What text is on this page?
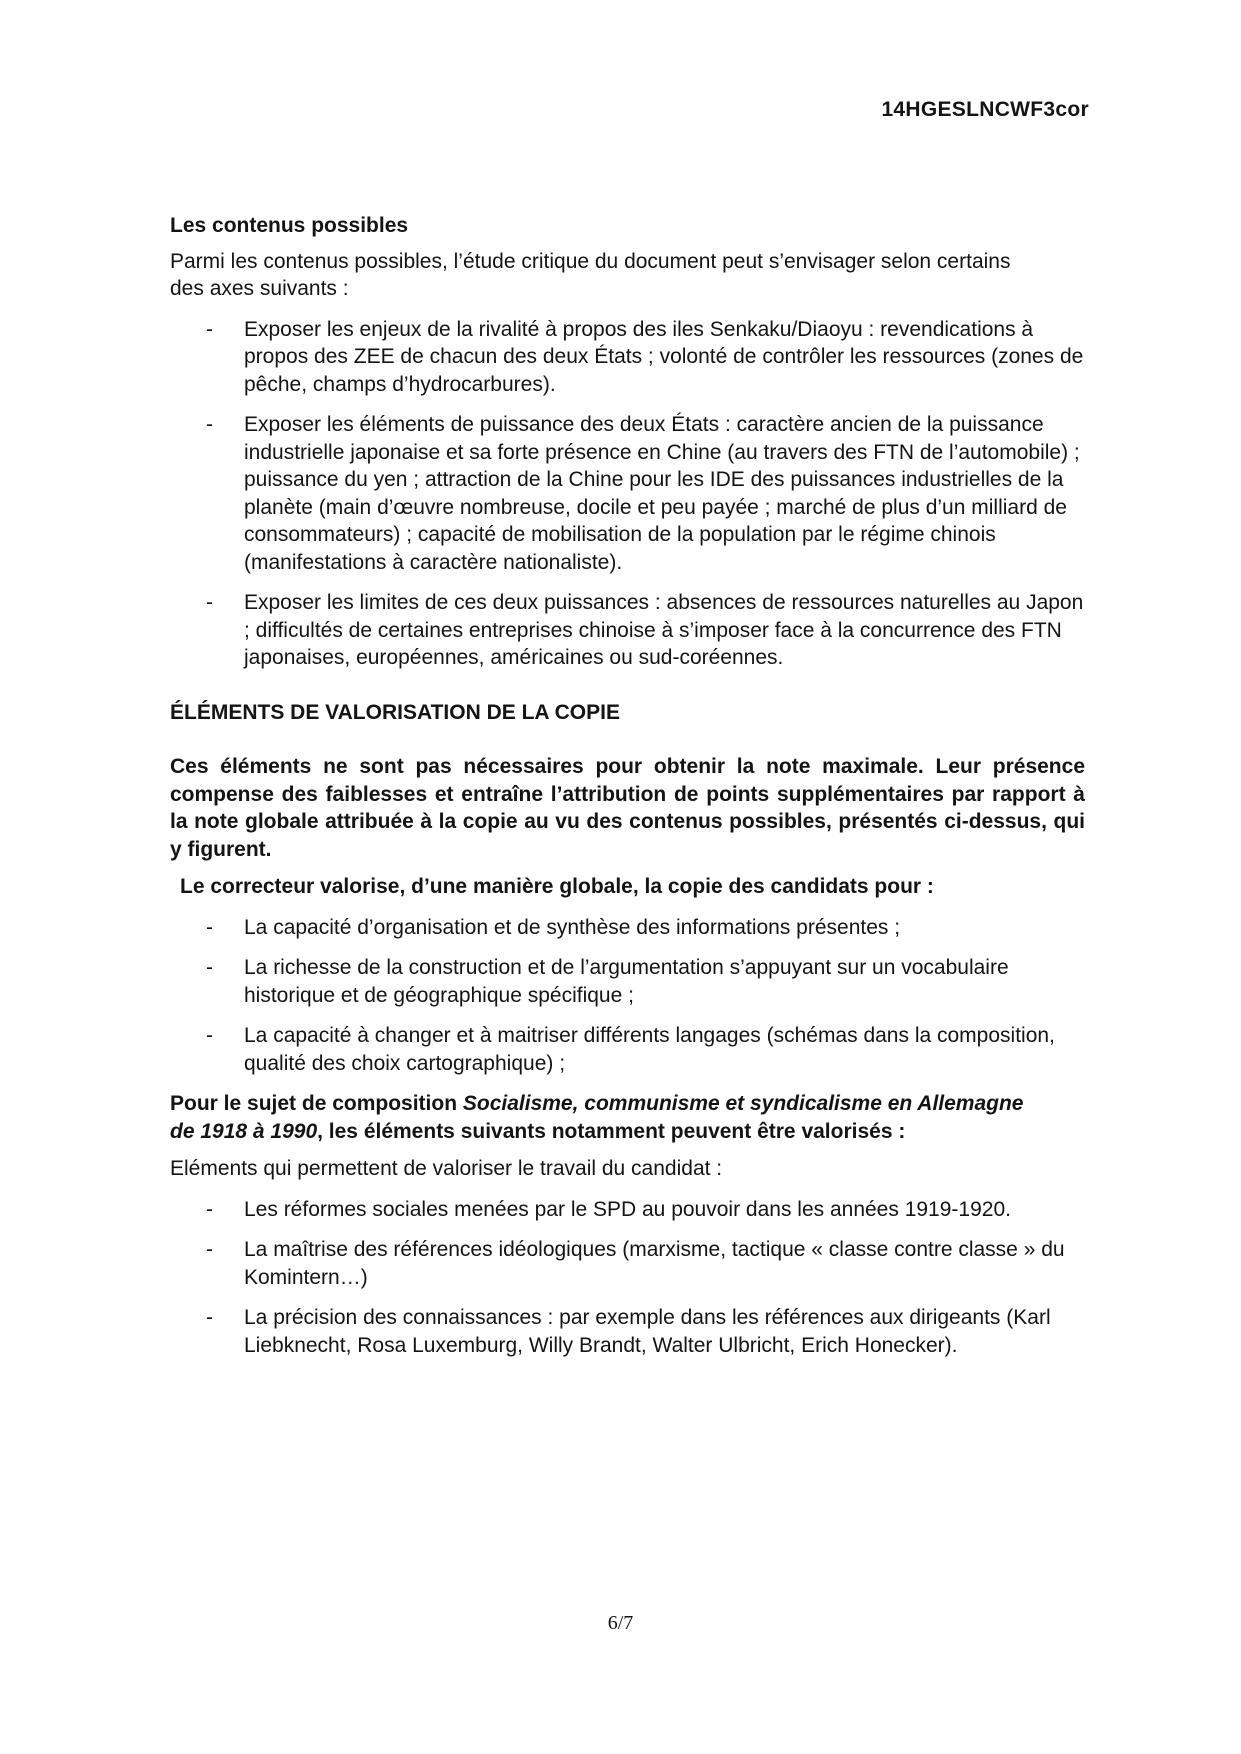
14HGESLNCWF3cor

Les contenus possibles

Parmi les contenus possibles, l’étude critique du document peut s’envisager selon certains des axes suivants :

- Exposer les enjeux de la rivalité à propos des iles Senkaku/Diaoyu : revendications à propos des ZEE de chacun des deux États ; volonté de contrôler les ressources (zones de pêche, champs d’hydrocarbures).
- Exposer les éléments de puissance des deux États : caractère ancien de la puissance industrielle japonaise et sa forte présence en Chine (au travers des FTN de l’automobile) ; puissance du yen ; attraction de la Chine pour les IDE des puissances industrielles de la planète (main d’œuvre nombreuse, docile et peu payée ; marché de plus d’un milliard de consommateurs) ; capacité de mobilisation de la population par le régime chinois (manifestations à caractère nationaliste).
- Exposer les limites de ces deux puissances : absences de ressources naturelles au Japon ; difficultés de certaines entreprises chinoise à s’imposer face à la concurrence des FTN japonaises, européennes, américaines ou sud-coréennes.

ÉLÉMENTS DE VALORISATION DE LA COPIE

Ces éléments ne sont pas nécessaires pour obtenir la note maximale. Leur présence compense des faiblesses et entraîne l’attribution de points supplémentaires par rapport à la note globale attribuée à la copie au vu des contenus possibles, présentés ci-dessus, qui y figurent.

Le correcteur valorise, d’une manière globale, la copie des candidats pour :

- La capacité d’organisation et de synthèse des informations présentes ;
- La richesse de la construction et de l’argumentation s’appuyant sur un vocabulaire historique et de géographique spécifique ;
- La capacité à changer et à maitriser différents langages (schémas dans la composition, qualité des choix cartographique) ;

Pour le sujet de composition Socialisme, communisme et syndicalisme en Allemagne de 1918 à 1990, les éléments suivants notamment peuvent être valorisés :

Eléments qui permettent de valoriser le travail du candidat :

- Les réformes sociales menées par le SPD au pouvoir dans les années 1919-1920.
- La maîtrise des références idéologiques (marxisme, tactique « classe contre classe » du Komintern…)
- La précision des connaissances : par exemple dans les références aux dirigeants (Karl Liebknecht, Rosa Luxemburg, Willy Brandt, Walter Ulbricht, Erich Honecker).
6/7
